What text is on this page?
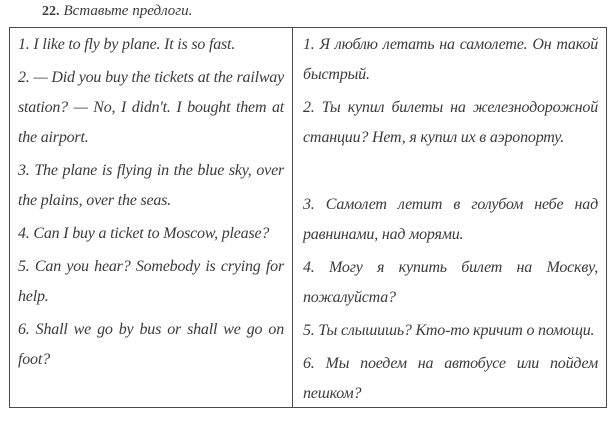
22. Вставьте предлоги.

1. I like to fly by plane. It is so fast.

2. — Did you buy the tickets at the railway station? — No, I didn't. I bought them at the airport.

3. The plane is flying in the blue sky, over the plains, over the seas.

4. Can I buy a ticket to Moscow, please?

5. Can you hear? Somebody is crying for help.

6. Shall we go by bus or shall we go on foot?

1. Я люблю летать на самолете. Он такой быстрый.

2. Ты купил билеты на железнодорожной станции? Нет, я купил их в аэропорту.

3. Самолет летит в голубом небе над равнинами, над морями.

4. Могу я купить билет на Москву, пожалуйста?

5. Ты слышишь? Кто-то кричит о помощи.

6. Мы поедем на автобусе или пойдем пешком?
